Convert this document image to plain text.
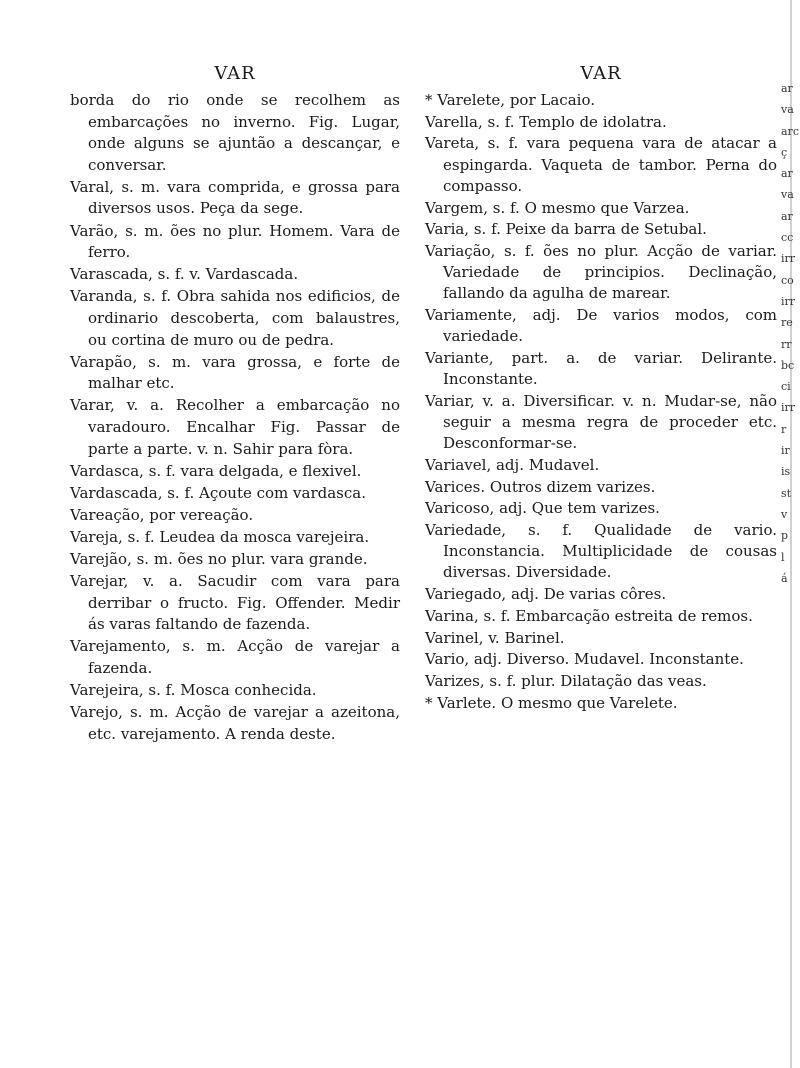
VAR

borda do rio onde se recolhem as embarcações no inverno. Fig. Lugar, onde alguns se ajuntão a descançar, e conversar.

Varal, s. m. vara comprida, e grossa para diversos usos. Peça da sege.

Varão, s. m. ões no plur. Homem. Vara de ferro.

Varascada, s. f. v. Vardascada.

Varanda, s. f. Obra sahida nos edificios, de ordinario descoberta, com balaustres, ou cortina de muro ou de pedra.

Varapão, s. m. vara grossa, e forte de malhar etc.

Varar, v. a. Recolher a embarcação no varadouro. Encalhar Fig. Passar de parte a parte. v. n. Sahir para fòra.

Vardasca, s. f. vara delgada, e flexivel.

Vardascada, s. f. Açoute com vardasca.

Vareação, por vereação.

Vareja, s. f. Leudea da mosca varejeira.

Varejão, s. m. ões no plur. vara grande.

Varejar, v. a. Sacudir com vara para derribar o fructo. Fig. Offender. Medir ás varas faltando de fazenda.

Varejamento, s. m. Acção de varejar a fazenda.

Varejeira, s. f. Mosca conhecida.

Varejo, s. m. Acção de varejar a azeitona, etc. varejamento. A renda deste.

VAR

* Varelete, por Lacaio.

Varella, s. f. Templo de idolatra.

Vareta, s. f. vara pequena vara de atacar a espingarda. Vaqueta de tambor. Perna do compasso.

Vargem, s. f. O mesmo que Varzea.

Varia, s. f. Peixe da barra de Setubal.

Variação, s. f. ões no plur. Acção de variar. Variedade de principios. Declinação, fallando da agulha de marear.

Variamente, adj. De varios modos, com variedade.

Variante, part. a. de variar. Delirante. Inconstante.

Variar, v. a. Diversificar. v. n. Mudar-se, não seguir a mesma regra de proceder etc. Desconformar-se.

Variavel, adj. Mudavel.

Varices. Outros dizem varizes.

Varicoso, adj. Que tem varizes.

Variedade, s. f. Qualidade de vario. Inconstancia. Multiplicidade de cousas diversas. Diversidade.

Variegado, adj. De varias côres.

Varina, s. f. Embarcação estreita de remos.

Varinel, v. Barinel.

Vario, adj. Diverso. Mudavel. Inconstante.

Varizes, s. f. plur. Dilatação das veas.

* Varlete. O mesmo que Varelete.

ar
va
arc
ç
ar
va
ar
cc
irr
co
irr
re
rr
bc
ci
irr
r
ir
is
st
v
p
l
á
